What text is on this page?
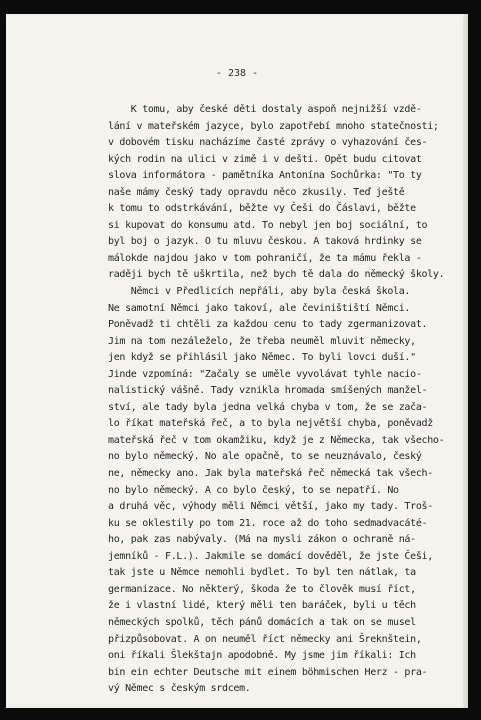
- 238 -
K tomu, aby české děti dostaly aspoň nejnižší vzdě-
lání v mateřském jazyce, bylo zapotřebí mnoho statečnosti;
v dobovém tisku nacházíme časté zprávy o vyhazování čes-
kých rodin na ulici v zimě i v dešti. Opět budu citovat
slova informátora - pamětníka Antonína Sochůrka: "To ty
naše mámy český tady opravdu něco zkusily. Teď ještě
k tomu to odstrkávání, běžte vy Češi do Čáslavi, běžte
si kupovat do konsumu atd. To nebyl jen boj sociální, to
byl boj o jazyk. O tu mluvu českou. A taková hrdinky se
málokde najdou jako v tom pohraničí, že ta mámu řekla -
raději bych tě uškrtila, než bych tě dala do německý školy.
Němci v Předlicích nepřáli, aby byla česká škola.
Ne samotní Němci jako takoví, ale čeviništiští Němci.
Poněvadž ti chtěli za každou cenu to tady zgermanizovat.
Jim na tom nezáleželo, že třeba neuměl mluvit německy,
jen když se přihlásil jako Němec. To byli lovci duší."
Jinde vzpomíná: "Začaly se uměle vyvolávat tyhle nacio-
nalistický vášně. Tady vznikla hromada smíšených manžel-
ství, ale tady byla jedna velká chyba v tom, že se zača-
lo říkat mateřská řeč, a to byla největší chyba, poněvadž
mateřská řeč v tom okamžiku, když je z Německa, tak všecho-
no bylo německý. No ale opačně, to se neuznávalo, český
ne, německy ano. Jak byla mateřská řeč německá tak všech-
no bylo německý. A co bylo český, to se nepatří. No
a druhá věc, výhody měli Němci větší, jako my tady. Troš-
ku se oklestily po tom 21. roce až do toho sedmadvacáté-
ho, pak zas nabývaly. (Má na mysli zákon o ochraně ná-
jemníků - F.L.). Jakmile se domácí dověděl, že jste Češi,
tak jste u Němce nemohli bydlet. To byl ten nátlak, ta
germanizace. No některý, škoda že to člověk musí říct,
že i vlastní lidé, který měli ten baráček, byli u těch
německých spolků, těch pánů domácích a tak on se musel
přizpůsobovat. A on neuměl říct německy ani Šreknštein,
oni říkali Šlekštajn apodobně. My jsme jim říkali: Ich
bin ein echter Deutsche mit einem böhmischen Herz - pra-
vý Němec s českým srdcem.
